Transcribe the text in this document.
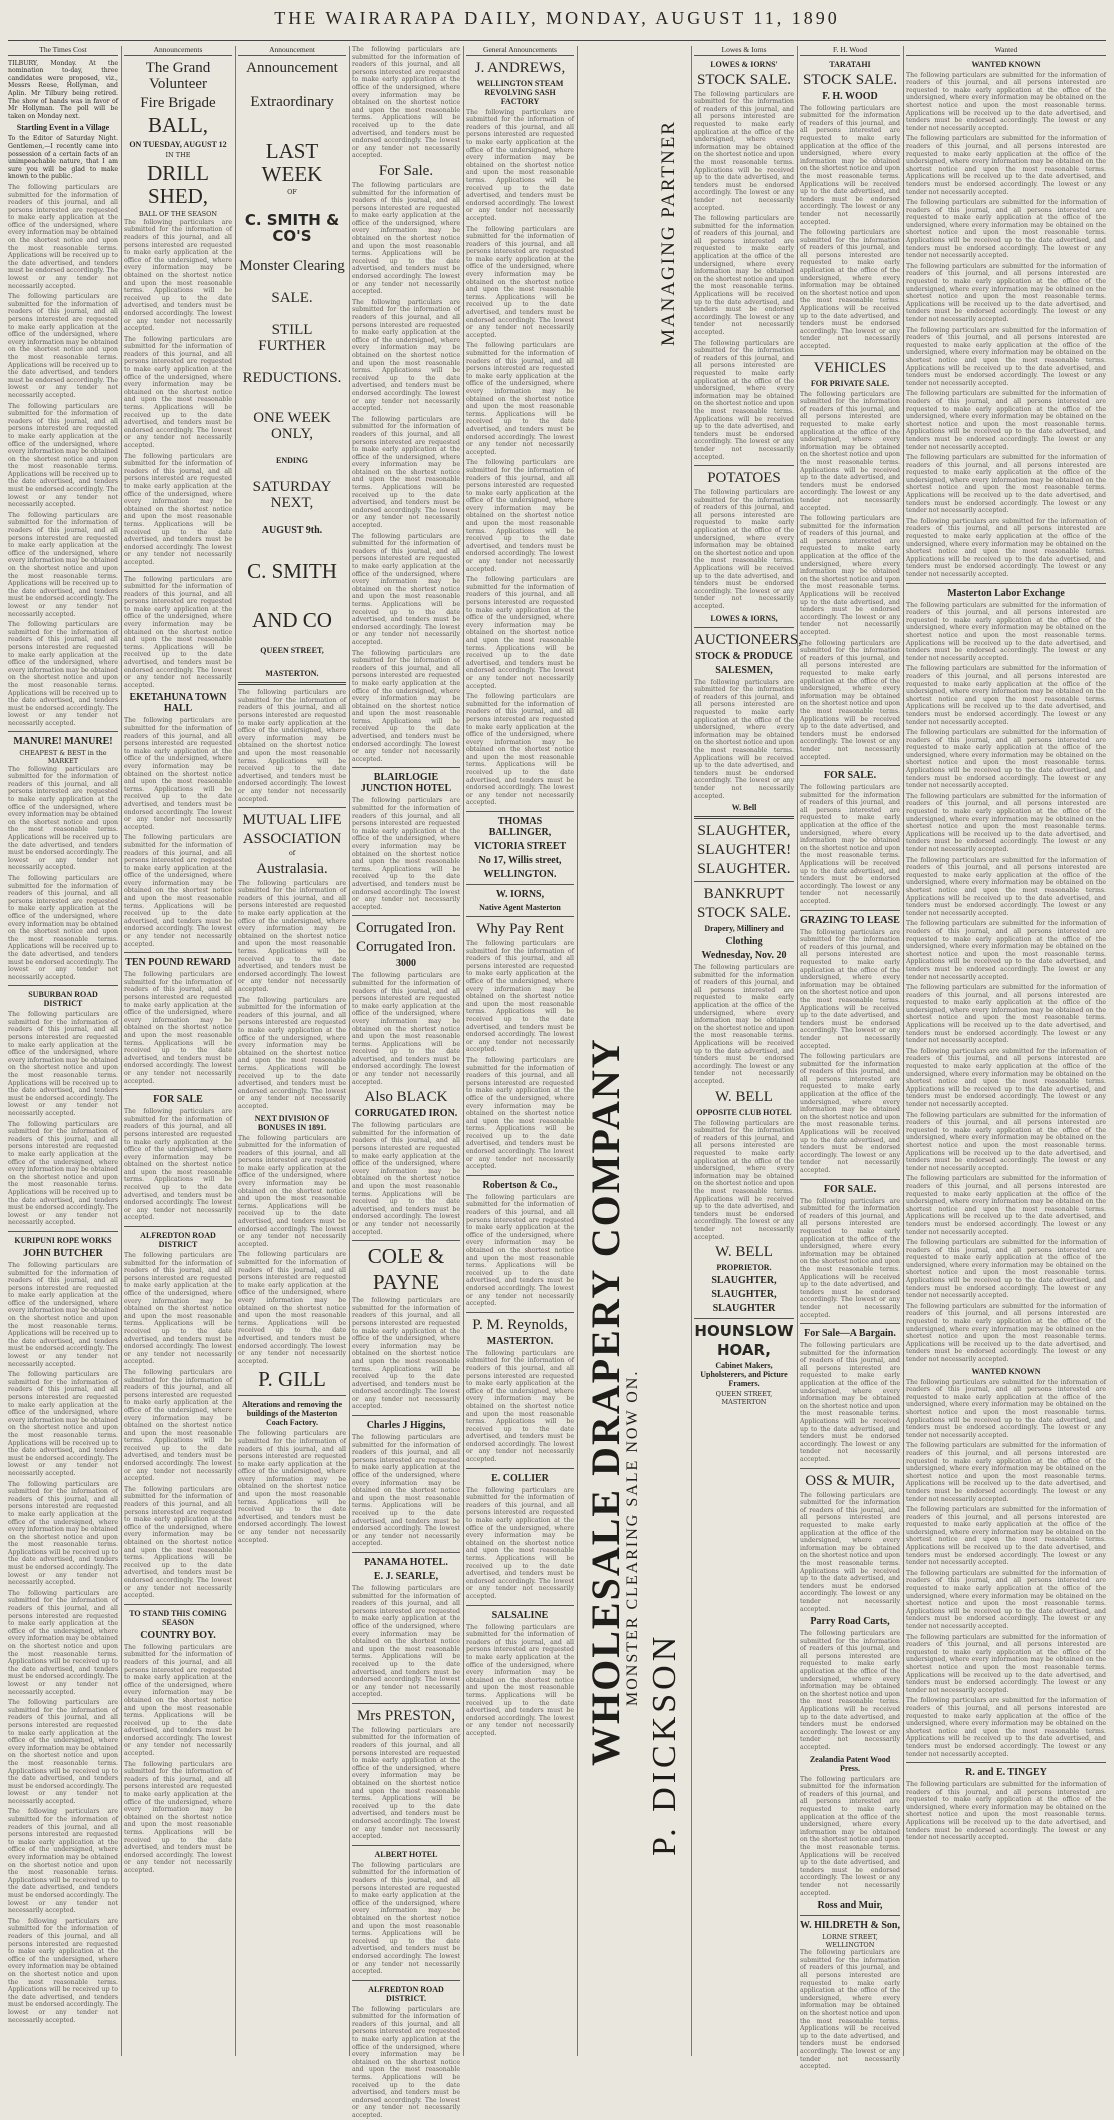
THE WAIRARAPA DAILY, MONDAY, AUGUST 11, 1890
The Times Cost

TILBURY, Monday. At the nomination to-day, three candidates were proposed, viz., Messrs Reese, Hollyman, and Aplin. Mr Tilbury being retired. The show of hands was in favor of Mr Hollyman. The poll will be taken on Monday next.

Startling Event in a Village

To the Editor of Saturday Night. Gentlemen,—I recently came into possession of a certain facts of an unimpeachable nature, that I am sure you will be glad to make known to the public.

The following particulars are submitted for the information of readers of this journal, and all persons interested are requested to make early application at the office of the undersigned, where every information may be obtained on the shortest notice and upon the most reasonable terms. Applications will be received up to the date advertised, and tenders must be endorsed accordingly. The lowest or any tender not necessarily accepted.

The following particulars are submitted for the information of readers of this journal, and all persons interested are requested to make early application at the office of the undersigned, where every information may be obtained on the shortest notice and upon the most reasonable terms. Applications will be received up to the date advertised, and tenders must be endorsed accordingly. The lowest or any tender not necessarily accepted.

The following particulars are submitted for the information of readers of this journal, and all persons interested are requested to make early application at the office of the undersigned, where every information may be obtained on the shortest notice and upon the most reasonable terms. Applications will be received up to the date advertised, and tenders must be endorsed accordingly. The lowest or any tender not necessarily accepted.

The following particulars are submitted for the information of readers of this journal, and all persons interested are requested to make early application at the office of the undersigned, where every information may be obtained on the shortest notice and upon the most reasonable terms. Applications will be received up to the date advertised, and tenders must be endorsed accordingly. The lowest or any tender not necessarily accepted.

The following particulars are submitted for the information of readers of this journal, and all persons interested are requested to make early application at the office of the undersigned, where every information may be obtained on the shortest notice and upon the most reasonable terms. Applications will be received up to the date advertised, and tenders must be endorsed accordingly. The lowest or any tender not necessarily accepted.

MANURE! MANURE!
CHEAPEST & BEST in the MARKET

The following particulars are submitted for the information of readers of this journal, and all persons interested are requested to make early application at the office of the undersigned, where every information may be obtained on the shortest notice and upon the most reasonable terms. Applications will be received up to the date advertised, and tenders must be endorsed accordingly. The lowest or any tender not necessarily accepted.

The following particulars are submitted for the information of readers of this journal, and all persons interested are requested to make early application at the office of the undersigned, where every information may be obtained on the shortest notice and upon the most reasonable terms. Applications will be received up to the date advertised, and tenders must be endorsed accordingly. The lowest or any tender not necessarily accepted.

SUBURBAN ROAD DISTRICT

The following particulars are submitted for the information of readers of this journal, and all persons interested are requested to make early application at the office of the undersigned, where every information may be obtained on the shortest notice and upon the most reasonable terms. Applications will be received up to the date advertised, and tenders must be endorsed accordingly. The lowest or any tender not necessarily accepted.

The following particulars are submitted for the information of readers of this journal, and all persons interested are requested to make early application at the office of the undersigned, where every information may be obtained on the shortest notice and upon the most reasonable terms. Applications will be received up to the date advertised, and tenders must be endorsed accordingly. The lowest or any tender not necessarily accepted.

KURIPUNI ROPE WORKS
JOHN BUTCHER

The following particulars are submitted for the information of readers of this journal, and all persons interested are requested to make early application at the office of the undersigned, where every information may be obtained on the shortest notice and upon the most reasonable terms. Applications will be received up to the date advertised, and tenders must be endorsed accordingly. The lowest or any tender not necessarily accepted.

The following particulars are submitted for the information of readers of this journal, and all persons interested are requested to make early application at the office of the undersigned, where every information may be obtained on the shortest notice and upon the most reasonable terms. Applications will be received up to the date advertised, and tenders must be endorsed accordingly. The lowest or any tender not necessarily accepted.

The following particulars are submitted for the information of readers of this journal, and all persons interested are requested to make early application at the office of the undersigned, where every information may be obtained on the shortest notice and upon the most reasonable terms. Applications will be received up to the date advertised, and tenders must be endorsed accordingly. The lowest or any tender not necessarily accepted.

The following particulars are submitted for the information of readers of this journal, and all persons interested are requested to make early application at the office of the undersigned, where every information may be obtained on the shortest notice and upon the most reasonable terms. Applications will be received up to the date advertised, and tenders must be endorsed accordingly. The lowest or any tender not necessarily accepted.

The following particulars are submitted for the information of readers of this journal, and all persons interested are requested to make early application at the office of the undersigned, where every information may be obtained on the shortest notice and upon the most reasonable terms. Applications will be received up to the date advertised, and tenders must be endorsed accordingly. The lowest or any tender not necessarily accepted.

The following particulars are submitted for the information of readers of this journal, and all persons interested are requested to make early application at the office of the undersigned, where every information may be obtained on the shortest notice and upon the most reasonable terms. Applications will be received up to the date advertised, and tenders must be endorsed accordingly. The lowest or any tender not necessarily accepted.

The following particulars are submitted for the information of readers of this journal, and all persons interested are requested to make early application at the office of the undersigned, where every information may be obtained on the shortest notice and upon the most reasonable terms. Applications will be received up to the date advertised, and tenders must be endorsed accordingly. The lowest or any tender not necessarily accepted.

Announcements
The Grand Volunteer
Fire Brigade
BALL,
ON TUESDAY, AUGUST 12
IN THE
DRILL SHED,
BALL OF THE SEASON

The following particulars are submitted for the information of readers of this journal, and all persons interested are requested to make early application at the office of the undersigned, where every information may be obtained on the shortest notice and upon the most reasonable terms. Applications will be received up to the date advertised, and tenders must be endorsed accordingly. The lowest or any tender not necessarily accepted.

The following particulars are submitted for the information of readers of this journal, and all persons interested are requested to make early application at the office of the undersigned, where every information may be obtained on the shortest notice and upon the most reasonable terms. Applications will be received up to the date advertised, and tenders must be endorsed accordingly. The lowest or any tender not necessarily accepted.

The following particulars are submitted for the information of readers of this journal, and all persons interested are requested to make early application at the office of the undersigned, where every information may be obtained on the shortest notice and upon the most reasonable terms. Applications will be received up to the date advertised, and tenders must be endorsed accordingly. The lowest or any tender not necessarily accepted.

The following particulars are submitted for the information of readers of this journal, and all persons interested are requested to make early application at the office of the undersigned, where every information may be obtained on the shortest notice and upon the most reasonable terms. Applications will be received up to the date advertised, and tenders must be endorsed accordingly. The lowest or any tender not necessarily accepted.

EKETAHUNA TOWN HALL

The following particulars are submitted for the information of readers of this journal, and all persons interested are requested to make early application at the office of the undersigned, where every information may be obtained on the shortest notice and upon the most reasonable terms. Applications will be received up to the date advertised, and tenders must be endorsed accordingly. The lowest or any tender not necessarily accepted.

The following particulars are submitted for the information of readers of this journal, and all persons interested are requested to make early application at the office of the undersigned, where every information may be obtained on the shortest notice and upon the most reasonable terms. Applications will be received up to the date advertised, and tenders must be endorsed accordingly. The lowest or any tender not necessarily accepted.

TEN POUND REWARD

The following particulars are submitted for the information of readers of this journal, and all persons interested are requested to make early application at the office of the undersigned, where every information may be obtained on the shortest notice and upon the most reasonable terms. Applications will be received up to the date advertised, and tenders must be endorsed accordingly. The lowest or any tender not necessarily accepted.

FOR SALE

The following particulars are submitted for the information of readers of this journal, and all persons interested are requested to make early application at the office of the undersigned, where every information may be obtained on the shortest notice and upon the most reasonable terms. Applications will be received up to the date advertised, and tenders must be endorsed accordingly. The lowest or any tender not necessarily accepted.

ALFREDTON ROAD DISTRICT

The following particulars are submitted for the information of readers of this journal, and all persons interested are requested to make early application at the office of the undersigned, where every information may be obtained on the shortest notice and upon the most reasonable terms. Applications will be received up to the date advertised, and tenders must be endorsed accordingly. The lowest or any tender not necessarily accepted.

The following particulars are submitted for the information of readers of this journal, and all persons interested are requested to make early application at the office of the undersigned, where every information may be obtained on the shortest notice and upon the most reasonable terms. Applications will be received up to the date advertised, and tenders must be endorsed accordingly. The lowest or any tender not necessarily accepted.

The following particulars are submitted for the information of readers of this journal, and all persons interested are requested to make early application at the office of the undersigned, where every information may be obtained on the shortest notice and upon the most reasonable terms. Applications will be received up to the date advertised, and tenders must be endorsed accordingly. The lowest or any tender not necessarily accepted.

TO STAND THIS COMING SEASON
COUNTRY BOY.

The following particulars are submitted for the information of readers of this journal, and all persons interested are requested to make early application at the office of the undersigned, where every information may be obtained on the shortest notice and upon the most reasonable terms. Applications will be received up to the date advertised, and tenders must be endorsed accordingly. The lowest or any tender not necessarily accepted.

The following particulars are submitted for the information of readers of this journal, and all persons interested are requested to make early application at the office of the undersigned, where every information may be obtained on the shortest notice and upon the most reasonable terms. Applications will be received up to the date advertised, and tenders must be endorsed accordingly. The lowest or any tender not necessarily accepted.

Announcement
Announcement
Extraordinary
LAST WEEK
OF
C. SMITH & CO'S
Monster Clearing
SALE.
STILL FURTHER
REDUCTIONS.
ONE WEEK ONLY,
ENDING
SATURDAY NEXT,
AUGUST 9th.
C. SMITH
AND CO
QUEEN STREET,
MASTERTON.

The following particulars are submitted for the information of readers of this journal, and all persons interested are requested to make early application at the office of the undersigned, where every information may be obtained on the shortest notice and upon the most reasonable terms. Applications will be received up to the date advertised, and tenders must be endorsed accordingly. The lowest or any tender not necessarily accepted.

MUTUAL LIFE
ASSOCIATION
of
Australasia.

The following particulars are submitted for the information of readers of this journal, and all persons interested are requested to make early application at the office of the undersigned, where every information may be obtained on the shortest notice and upon the most reasonable terms. Applications will be received up to the date advertised, and tenders must be endorsed accordingly. The lowest or any tender not necessarily accepted.

The following particulars are submitted for the information of readers of this journal, and all persons interested are requested to make early application at the office of the undersigned, where every information may be obtained on the shortest notice and upon the most reasonable terms. Applications will be received up to the date advertised, and tenders must be endorsed accordingly. The lowest or any tender not necessarily accepted.

NEXT DIVISION OF BONUSES IN 1891.

The following particulars are submitted for the information of readers of this journal, and all persons interested are requested to make early application at the office of the undersigned, where every information may be obtained on the shortest notice and upon the most reasonable terms. Applications will be received up to the date advertised, and tenders must be endorsed accordingly. The lowest or any tender not necessarily accepted.

The following particulars are submitted for the information of readers of this journal, and all persons interested are requested to make early application at the office of the undersigned, where every information may be obtained on the shortest notice and upon the most reasonable terms. Applications will be received up to the date advertised, and tenders must be endorsed accordingly. The lowest or any tender not necessarily accepted.

P. GILL
Alterations and removing the buildings of the Masterton Coach Factory.

The following particulars are submitted for the information of readers of this journal, and all persons interested are requested to make early application at the office of the undersigned, where every information may be obtained on the shortest notice and upon the most reasonable terms. Applications will be received up to the date advertised, and tenders must be endorsed accordingly. The lowest or any tender not necessarily accepted.

The following particulars are submitted for the information of readers of this journal, and all persons interested are requested to make early application at the office of the undersigned, where every information may be obtained on the shortest notice and upon the most reasonable terms. Applications will be received up to the date advertised, and tenders must be endorsed accordingly. The lowest or any tender not necessarily accepted.

For Sale.

The following particulars are submitted for the information of readers of this journal, and all persons interested are requested to make early application at the office of the undersigned, where every information may be obtained on the shortest notice and upon the most reasonable terms. Applications will be received up to the date advertised, and tenders must be endorsed accordingly. The lowest or any tender not necessarily accepted.

The following particulars are submitted for the information of readers of this journal, and all persons interested are requested to make early application at the office of the undersigned, where every information may be obtained on the shortest notice and upon the most reasonable terms. Applications will be received up to the date advertised, and tenders must be endorsed accordingly. The lowest or any tender not necessarily accepted.

The following particulars are submitted for the information of readers of this journal, and all persons interested are requested to make early application at the office of the undersigned, where every information may be obtained on the shortest notice and upon the most reasonable terms. Applications will be received up to the date advertised, and tenders must be endorsed accordingly. The lowest or any tender not necessarily accepted.

The following particulars are submitted for the information of readers of this journal, and all persons interested are requested to make early application at the office of the undersigned, where every information may be obtained on the shortest notice and upon the most reasonable terms. Applications will be received up to the date advertised, and tenders must be endorsed accordingly. The lowest or any tender not necessarily accepted.

The following particulars are submitted for the information of readers of this journal, and all persons interested are requested to make early application at the office of the undersigned, where every information may be obtained on the shortest notice and upon the most reasonable terms. Applications will be received up to the date advertised, and tenders must be endorsed accordingly. The lowest or any tender not necessarily accepted.

BLAIRLOGIE JUNCTION HOTEL

The following particulars are submitted for the information of readers of this journal, and all persons interested are requested to make early application at the office of the undersigned, where every information may be obtained on the shortest notice and upon the most reasonable terms. Applications will be received up to the date advertised, and tenders must be endorsed accordingly. The lowest or any tender not necessarily accepted.

Corrugated Iron.
Corrugated Iron.
3000

The following particulars are submitted for the information of readers of this journal, and all persons interested are requested to make early application at the office of the undersigned, where every information may be obtained on the shortest notice and upon the most reasonable terms. Applications will be received up to the date advertised, and tenders must be endorsed accordingly. The lowest or any tender not necessarily accepted.

Also BLACK
CORRUGATED IRON.

The following particulars are submitted for the information of readers of this journal, and all persons interested are requested to make early application at the office of the undersigned, where every information may be obtained on the shortest notice and upon the most reasonable terms. Applications will be received up to the date advertised, and tenders must be endorsed accordingly. The lowest or any tender not necessarily accepted.

COLE &
PAYNE

The following particulars are submitted for the information of readers of this journal, and all persons interested are requested to make early application at the office of the undersigned, where every information may be obtained on the shortest notice and upon the most reasonable terms. Applications will be received up to the date advertised, and tenders must be endorsed accordingly. The lowest or any tender not necessarily accepted.

Charles J Higgins,

The following particulars are submitted for the information of readers of this journal, and all persons interested are requested to make early application at the office of the undersigned, where every information may be obtained on the shortest notice and upon the most reasonable terms. Applications will be received up to the date advertised, and tenders must be endorsed accordingly. The lowest or any tender not necessarily accepted.

PANAMA HOTEL.
E. J. SEARLE,

The following particulars are submitted for the information of readers of this journal, and all persons interested are requested to make early application at the office of the undersigned, where every information may be obtained on the shortest notice and upon the most reasonable terms. Applications will be received up to the date advertised, and tenders must be endorsed accordingly. The lowest or any tender not necessarily accepted.

Mrs PRESTON,

The following particulars are submitted for the information of readers of this journal, and all persons interested are requested to make early application at the office of the undersigned, where every information may be obtained on the shortest notice and upon the most reasonable terms. Applications will be received up to the date advertised, and tenders must be endorsed accordingly. The lowest or any tender not necessarily accepted.

ALBERT HOTEL

The following particulars are submitted for the information of readers of this journal, and all persons interested are requested to make early application at the office of the undersigned, where every information may be obtained on the shortest notice and upon the most reasonable terms. Applications will be received up to the date advertised, and tenders must be endorsed accordingly. The lowest or any tender not necessarily accepted.

ALFREDTON ROAD DISTRICT.

The following particulars are submitted for the information of readers of this journal, and all persons interested are requested to make early application at the office of the undersigned, where every information may be obtained on the shortest notice and upon the most reasonable terms. Applications will be received up to the date advertised, and tenders must be endorsed accordingly. The lowest or any tender not necessarily accepted.

General Announcements
J. ANDREWS,
WELLINGTON STEAM REVOLVING SASH FACTORY

The following particulars are submitted for the information of readers of this journal, and all persons interested are requested to make early application at the office of the undersigned, where every information may be obtained on the shortest notice and upon the most reasonable terms. Applications will be received up to the date advertised, and tenders must be endorsed accordingly. The lowest or any tender not necessarily accepted.

The following particulars are submitted for the information of readers of this journal, and all persons interested are requested to make early application at the office of the undersigned, where every information may be obtained on the shortest notice and upon the most reasonable terms. Applications will be received up to the date advertised, and tenders must be endorsed accordingly. The lowest or any tender not necessarily accepted.

The following particulars are submitted for the information of readers of this journal, and all persons interested are requested to make early application at the office of the undersigned, where every information may be obtained on the shortest notice and upon the most reasonable terms. Applications will be received up to the date advertised, and tenders must be endorsed accordingly. The lowest or any tender not necessarily accepted.

The following particulars are submitted for the information of readers of this journal, and all persons interested are requested to make early application at the office of the undersigned, where every information may be obtained on the shortest notice and upon the most reasonable terms. Applications will be received up to the date advertised, and tenders must be endorsed accordingly. The lowest or any tender not necessarily accepted.

The following particulars are submitted for the information of readers of this journal, and all persons interested are requested to make early application at the office of the undersigned, where every information may be obtained on the shortest notice and upon the most reasonable terms. Applications will be received up to the date advertised, and tenders must be endorsed accordingly. The lowest or any tender not necessarily accepted.

The following particulars are submitted for the information of readers of this journal, and all persons interested are requested to make early application at the office of the undersigned, where every information may be obtained on the shortest notice and upon the most reasonable terms. Applications will be received up to the date advertised, and tenders must be endorsed accordingly. The lowest or any tender not necessarily accepted.

THOMAS BALLINGER,
VICTORIA STREET
No 17, Willis street,
WELLINGTON.
W. IORNS,
Native Agent Masterton
Why Pay Rent

The following particulars are submitted for the information of readers of this journal, and all persons interested are requested to make early application at the office of the undersigned, where every information may be obtained on the shortest notice and upon the most reasonable terms. Applications will be received up to the date advertised, and tenders must be endorsed accordingly. The lowest or any tender not necessarily accepted.

The following particulars are submitted for the information of readers of this journal, and all persons interested are requested to make early application at the office of the undersigned, where every information may be obtained on the shortest notice and upon the most reasonable terms. Applications will be received up to the date advertised, and tenders must be endorsed accordingly. The lowest or any tender not necessarily accepted.

Robertson & Co.,

The following particulars are submitted for the information of readers of this journal, and all persons interested are requested to make early application at the office of the undersigned, where every information may be obtained on the shortest notice and upon the most reasonable terms. Applications will be received up to the date advertised, and tenders must be endorsed accordingly. The lowest or any tender not necessarily accepted.

P. M. Reynolds,
MASTERTON.

The following particulars are submitted for the information of readers of this journal, and all persons interested are requested to make early application at the office of the undersigned, where every information may be obtained on the shortest notice and upon the most reasonable terms. Applications will be received up to the date advertised, and tenders must be endorsed accordingly. The lowest or any tender not necessarily accepted.

E. COLLIER

The following particulars are submitted for the information of readers of this journal, and all persons interested are requested to make early application at the office of the undersigned, where every information may be obtained on the shortest notice and upon the most reasonable terms. Applications will be received up to the date advertised, and tenders must be endorsed accordingly. The lowest or any tender not necessarily accepted.

SALSALINE

The following particulars are submitted for the information of readers of this journal, and all persons interested are requested to make early application at the office of the undersigned, where every information may be obtained on the shortest notice and upon the most reasonable terms. Applications will be received up to the date advertised, and tenders must be endorsed accordingly. The lowest or any tender not necessarily accepted.	WHOLESALE DRAPERY COMPANY
MONSTER CLEARING SALE NOW ON.
P. DICKSON
MANAGING PARTNER
Lowes & Iorns
LOWES & IORNS'
STOCK SALE.

The following particulars are submitted for the information of readers of this journal, and all persons interested are requested to make early application at the office of the undersigned, where every information may be obtained on the shortest notice and upon the most reasonable terms. Applications will be received up to the date advertised, and tenders must be endorsed accordingly. The lowest or any tender not necessarily accepted.

The following particulars are submitted for the information of readers of this journal, and all persons interested are requested to make early application at the office of the undersigned, where every information may be obtained on the shortest notice and upon the most reasonable terms. Applications will be received up to the date advertised, and tenders must be endorsed accordingly. The lowest or any tender not necessarily accepted.

The following particulars are submitted for the information of readers of this journal, and all persons interested are requested to make early application at the office of the undersigned, where every information may be obtained on the shortest notice and upon the most reasonable terms. Applications will be received up to the date advertised, and tenders must be endorsed accordingly. The lowest or any tender not necessarily accepted.

POTATOES

The following particulars are submitted for the information of readers of this journal, and all persons interested are requested to make early application at the office of the undersigned, where every information may be obtained on the shortest notice and upon the most reasonable terms. Applications will be received up to the date advertised, and tenders must be endorsed accordingly. The lowest or any tender not necessarily accepted.

LOWES & IORNS,
AUCTIONEERS,
STOCK & PRODUCE
SALESMEN,

The following particulars are submitted for the information of readers of this journal, and all persons interested are requested to make early application at the office of the undersigned, where every information may be obtained on the shortest notice and upon the most reasonable terms. Applications will be received up to the date advertised, and tenders must be endorsed accordingly. The lowest or any tender not necessarily accepted.

W. Bell
SLAUGHTER,
SLAUGHTER!
SLAUGHTER.
BANKRUPT
STOCK SALE.
Drapery, Millinery and
Clothing
Wednesday, Nov. 20

The following particulars are submitted for the information of readers of this journal, and all persons interested are requested to make early application at the office of the undersigned, where every information may be obtained on the shortest notice and upon the most reasonable terms. Applications will be received up to the date advertised, and tenders must be endorsed accordingly. The lowest or any tender not necessarily accepted.

W. BELL
OPPOSITE CLUB HOTEL

The following particulars are submitted for the information of readers of this journal, and all persons interested are requested to make early application at the office of the undersigned, where every information may be obtained on the shortest notice and upon the most reasonable terms. Applications will be received up to the date advertised, and tenders must be endorsed accordingly. The lowest or any tender not necessarily accepted.

W. BELL
PROPRIETOR.
SLAUGHTER,
SLAUGHTER,
SLAUGHTER
HOUNSLOW
HOAR,
Cabinet Makers, Upholsterers, and Picture Framers.
QUEEN STREET, MASTERTON
F. H. Wood
TARATAHI
STOCK SALE.
F. H. WOOD

The following particulars are submitted for the information of readers of this journal, and all persons interested are requested to make early application at the office of the undersigned, where every information may be obtained on the shortest notice and upon the most reasonable terms. Applications will be received up to the date advertised, and tenders must be endorsed accordingly. The lowest or any tender not necessarily accepted.

The following particulars are submitted for the information of readers of this journal, and all persons interested are requested to make early application at the office of the undersigned, where every information may be obtained on the shortest notice and upon the most reasonable terms. Applications will be received up to the date advertised, and tenders must be endorsed accordingly. The lowest or any tender not necessarily accepted.

VEHICLES
FOR PRIVATE SALE.

The following particulars are submitted for the information of readers of this journal, and all persons interested are requested to make early application at the office of the undersigned, where every information may be obtained on the shortest notice and upon the most reasonable terms. Applications will be received up to the date advertised, and tenders must be endorsed accordingly. The lowest or any tender not necessarily accepted.

The following particulars are submitted for the information of readers of this journal, and all persons interested are requested to make early application at the office of the undersigned, where every information may be obtained on the shortest notice and upon the most reasonable terms. Applications will be received up to the date advertised, and tenders must be endorsed accordingly. The lowest or any tender not necessarily accepted.

The following particulars are submitted for the information of readers of this journal, and all persons interested are requested to make early application at the office of the undersigned, where every information may be obtained on the shortest notice and upon the most reasonable terms. Applications will be received up to the date advertised, and tenders must be endorsed accordingly. The lowest or any tender not necessarily accepted.

FOR SALE.

The following particulars are submitted for the information of readers of this journal, and all persons interested are requested to make early application at the office of the undersigned, where every information may be obtained on the shortest notice and upon the most reasonable terms. Applications will be received up to the date advertised, and tenders must be endorsed accordingly. The lowest or any tender not necessarily accepted.

GRAZING TO LEASE

The following particulars are submitted for the information of readers of this journal, and all persons interested are requested to make early application at the office of the undersigned, where every information may be obtained on the shortest notice and upon the most reasonable terms. Applications will be received up to the date advertised, and tenders must be endorsed accordingly. The lowest or any tender not necessarily accepted.

The following particulars are submitted for the information of readers of this journal, and all persons interested are requested to make early application at the office of the undersigned, where every information may be obtained on the shortest notice and upon the most reasonable terms. Applications will be received up to the date advertised, and tenders must be endorsed accordingly. The lowest or any tender not necessarily accepted.

FOR SALE.

The following particulars are submitted for the information of readers of this journal, and all persons interested are requested to make early application at the office of the undersigned, where every information may be obtained on the shortest notice and upon the most reasonable terms. Applications will be received up to the date advertised, and tenders must be endorsed accordingly. The lowest or any tender not necessarily accepted.

For Sale—A Bargain.

The following particulars are submitted for the information of readers of this journal, and all persons interested are requested to make early application at the office of the undersigned, where every information may be obtained on the shortest notice and upon the most reasonable terms. Applications will be received up to the date advertised, and tenders must be endorsed accordingly. The lowest or any tender not necessarily accepted.

OSS & MUIR,

The following particulars are submitted for the information of readers of this journal, and all persons interested are requested to make early application at the office of the undersigned, where every information may be obtained on the shortest notice and upon the most reasonable terms. Applications will be received up to the date advertised, and tenders must be endorsed accordingly. The lowest or any tender not necessarily accepted.

Parry Road Carts,

The following particulars are submitted for the information of readers of this journal, and all persons interested are requested to make early application at the office of the undersigned, where every information may be obtained on the shortest notice and upon the most reasonable terms. Applications will be received up to the date advertised, and tenders must be endorsed accordingly. The lowest or any tender not necessarily accepted.

Zealandia Patent Wood Press.

The following particulars are submitted for the information of readers of this journal, and all persons interested are requested to make early application at the office of the undersigned, where every information may be obtained on the shortest notice and upon the most reasonable terms. Applications will be received up to the date advertised, and tenders must be endorsed accordingly. The lowest or any tender not necessarily accepted.

Ross and Muir,
W. HILDRETH & Son,
LORNE STREET, WELLINGTON

The following particulars are submitted for the information of readers of this journal, and all persons interested are requested to make early application at the office of the undersigned, where every information may be obtained on the shortest notice and upon the most reasonable terms. Applications will be received up to the date advertised, and tenders must be endorsed accordingly. The lowest or any tender not necessarily accepted.

Wanted
WANTED KNOWN

The following particulars are submitted for the information of readers of this journal, and all persons interested are requested to make early application at the office of the undersigned, where every information may be obtained on the shortest notice and upon the most reasonable terms. Applications will be received up to the date advertised, and tenders must be endorsed accordingly. The lowest or any tender not necessarily accepted.

The following particulars are submitted for the information of readers of this journal, and all persons interested are requested to make early application at the office of the undersigned, where every information may be obtained on the shortest notice and upon the most reasonable terms. Applications will be received up to the date advertised, and tenders must be endorsed accordingly. The lowest or any tender not necessarily accepted.

The following particulars are submitted for the information of readers of this journal, and all persons interested are requested to make early application at the office of the undersigned, where every information may be obtained on the shortest notice and upon the most reasonable terms. Applications will be received up to the date advertised, and tenders must be endorsed accordingly. The lowest or any tender not necessarily accepted.

The following particulars are submitted for the information of readers of this journal, and all persons interested are requested to make early application at the office of the undersigned, where every information may be obtained on the shortest notice and upon the most reasonable terms. Applications will be received up to the date advertised, and tenders must be endorsed accordingly. The lowest or any tender not necessarily accepted.

The following particulars are submitted for the information of readers of this journal, and all persons interested are requested to make early application at the office of the undersigned, where every information may be obtained on the shortest notice and upon the most reasonable terms. Applications will be received up to the date advertised, and tenders must be endorsed accordingly. The lowest or any tender not necessarily accepted.

The following particulars are submitted for the information of readers of this journal, and all persons interested are requested to make early application at the office of the undersigned, where every information may be obtained on the shortest notice and upon the most reasonable terms. Applications will be received up to the date advertised, and tenders must be endorsed accordingly. The lowest or any tender not necessarily accepted.

The following particulars are submitted for the information of readers of this journal, and all persons interested are requested to make early application at the office of the undersigned, where every information may be obtained on the shortest notice and upon the most reasonable terms. Applications will be received up to the date advertised, and tenders must be endorsed accordingly. The lowest or any tender not necessarily accepted.

The following particulars are submitted for the information of readers of this journal, and all persons interested are requested to make early application at the office of the undersigned, where every information may be obtained on the shortest notice and upon the most reasonable terms. Applications will be received up to the date advertised, and tenders must be endorsed accordingly. The lowest or any tender not necessarily accepted.

Masterton Labor Exchange

The following particulars are submitted for the information of readers of this journal, and all persons interested are requested to make early application at the office of the undersigned, where every information may be obtained on the shortest notice and upon the most reasonable terms. Applications will be received up to the date advertised, and tenders must be endorsed accordingly. The lowest or any tender not necessarily accepted.

The following particulars are submitted for the information of readers of this journal, and all persons interested are requested to make early application at the office of the undersigned, where every information may be obtained on the shortest notice and upon the most reasonable terms. Applications will be received up to the date advertised, and tenders must be endorsed accordingly. The lowest or any tender not necessarily accepted.

The following particulars are submitted for the information of readers of this journal, and all persons interested are requested to make early application at the office of the undersigned, where every information may be obtained on the shortest notice and upon the most reasonable terms. Applications will be received up to the date advertised, and tenders must be endorsed accordingly. The lowest or any tender not necessarily accepted.

The following particulars are submitted for the information of readers of this journal, and all persons interested are requested to make early application at the office of the undersigned, where every information may be obtained on the shortest notice and upon the most reasonable terms. Applications will be received up to the date advertised, and tenders must be endorsed accordingly. The lowest or any tender not necessarily accepted.

The following particulars are submitted for the information of readers of this journal, and all persons interested are requested to make early application at the office of the undersigned, where every information may be obtained on the shortest notice and upon the most reasonable terms. Applications will be received up to the date advertised, and tenders must be endorsed accordingly. The lowest or any tender not necessarily accepted.

The following particulars are submitted for the information of readers of this journal, and all persons interested are requested to make early application at the office of the undersigned, where every information may be obtained on the shortest notice and upon the most reasonable terms. Applications will be received up to the date advertised, and tenders must be endorsed accordingly. The lowest or any tender not necessarily accepted.

The following particulars are submitted for the information of readers of this journal, and all persons interested are requested to make early application at the office of the undersigned, where every information may be obtained on the shortest notice and upon the most reasonable terms. Applications will be received up to the date advertised, and tenders must be endorsed accordingly. The lowest or any tender not necessarily accepted.

The following particulars are submitted for the information of readers of this journal, and all persons interested are requested to make early application at the office of the undersigned, where every information may be obtained on the shortest notice and upon the most reasonable terms. Applications will be received up to the date advertised, and tenders must be endorsed accordingly. The lowest or any tender not necessarily accepted.

The following particulars are submitted for the information of readers of this journal, and all persons interested are requested to make early application at the office of the undersigned, where every information may be obtained on the shortest notice and upon the most reasonable terms. Applications will be received up to the date advertised, and tenders must be endorsed accordingly. The lowest or any tender not necessarily accepted.

The following particulars are submitted for the information of readers of this journal, and all persons interested are requested to make early application at the office of the undersigned, where every information may be obtained on the shortest notice and upon the most reasonable terms. Applications will be received up to the date advertised, and tenders must be endorsed accordingly. The lowest or any tender not necessarily accepted.

The following particulars are submitted for the information of readers of this journal, and all persons interested are requested to make early application at the office of the undersigned, where every information may be obtained on the shortest notice and upon the most reasonable terms. Applications will be received up to the date advertised, and tenders must be endorsed accordingly. The lowest or any tender not necessarily accepted.

The following particulars are submitted for the information of readers of this journal, and all persons interested are requested to make early application at the office of the undersigned, where every information may be obtained on the shortest notice and upon the most reasonable terms. Applications will be received up to the date advertised, and tenders must be endorsed accordingly. The lowest or any tender not necessarily accepted.

WANTED KNOWN

The following particulars are submitted for the information of readers of this journal, and all persons interested are requested to make early application at the office of the undersigned, where every information may be obtained on the shortest notice and upon the most reasonable terms. Applications will be received up to the date advertised, and tenders must be endorsed accordingly. The lowest or any tender not necessarily accepted.

The following particulars are submitted for the information of readers of this journal, and all persons interested are requested to make early application at the office of the undersigned, where every information may be obtained on the shortest notice and upon the most reasonable terms. Applications will be received up to the date advertised, and tenders must be endorsed accordingly. The lowest or any tender not necessarily accepted.

The following particulars are submitted for the information of readers of this journal, and all persons interested are requested to make early application at the office of the undersigned, where every information may be obtained on the shortest notice and upon the most reasonable terms. Applications will be received up to the date advertised, and tenders must be endorsed accordingly. The lowest or any tender not necessarily accepted.

The following particulars are submitted for the information of readers of this journal, and all persons interested are requested to make early application at the office of the undersigned, where every information may be obtained on the shortest notice and upon the most reasonable terms. Applications will be received up to the date advertised, and tenders must be endorsed accordingly. The lowest or any tender not necessarily accepted.

The following particulars are submitted for the information of readers of this journal, and all persons interested are requested to make early application at the office of the undersigned, where every information may be obtained on the shortest notice and upon the most reasonable terms. Applications will be received up to the date advertised, and tenders must be endorsed accordingly. The lowest or any tender not necessarily accepted.

The following particulars are submitted for the information of readers of this journal, and all persons interested are requested to make early application at the office of the undersigned, where every information may be obtained on the shortest notice and upon the most reasonable terms. Applications will be received up to the date advertised, and tenders must be endorsed accordingly. The lowest or any tender not necessarily accepted.

R. and E. TINGEY

The following particulars are submitted for the information of readers of this journal, and all persons interested are requested to make early application at the office of the undersigned, where every information may be obtained on the shortest notice and upon the most reasonable terms. Applications will be received up to the date advertised, and tenders must be endorsed accordingly. The lowest or any tender not necessarily accepted.
